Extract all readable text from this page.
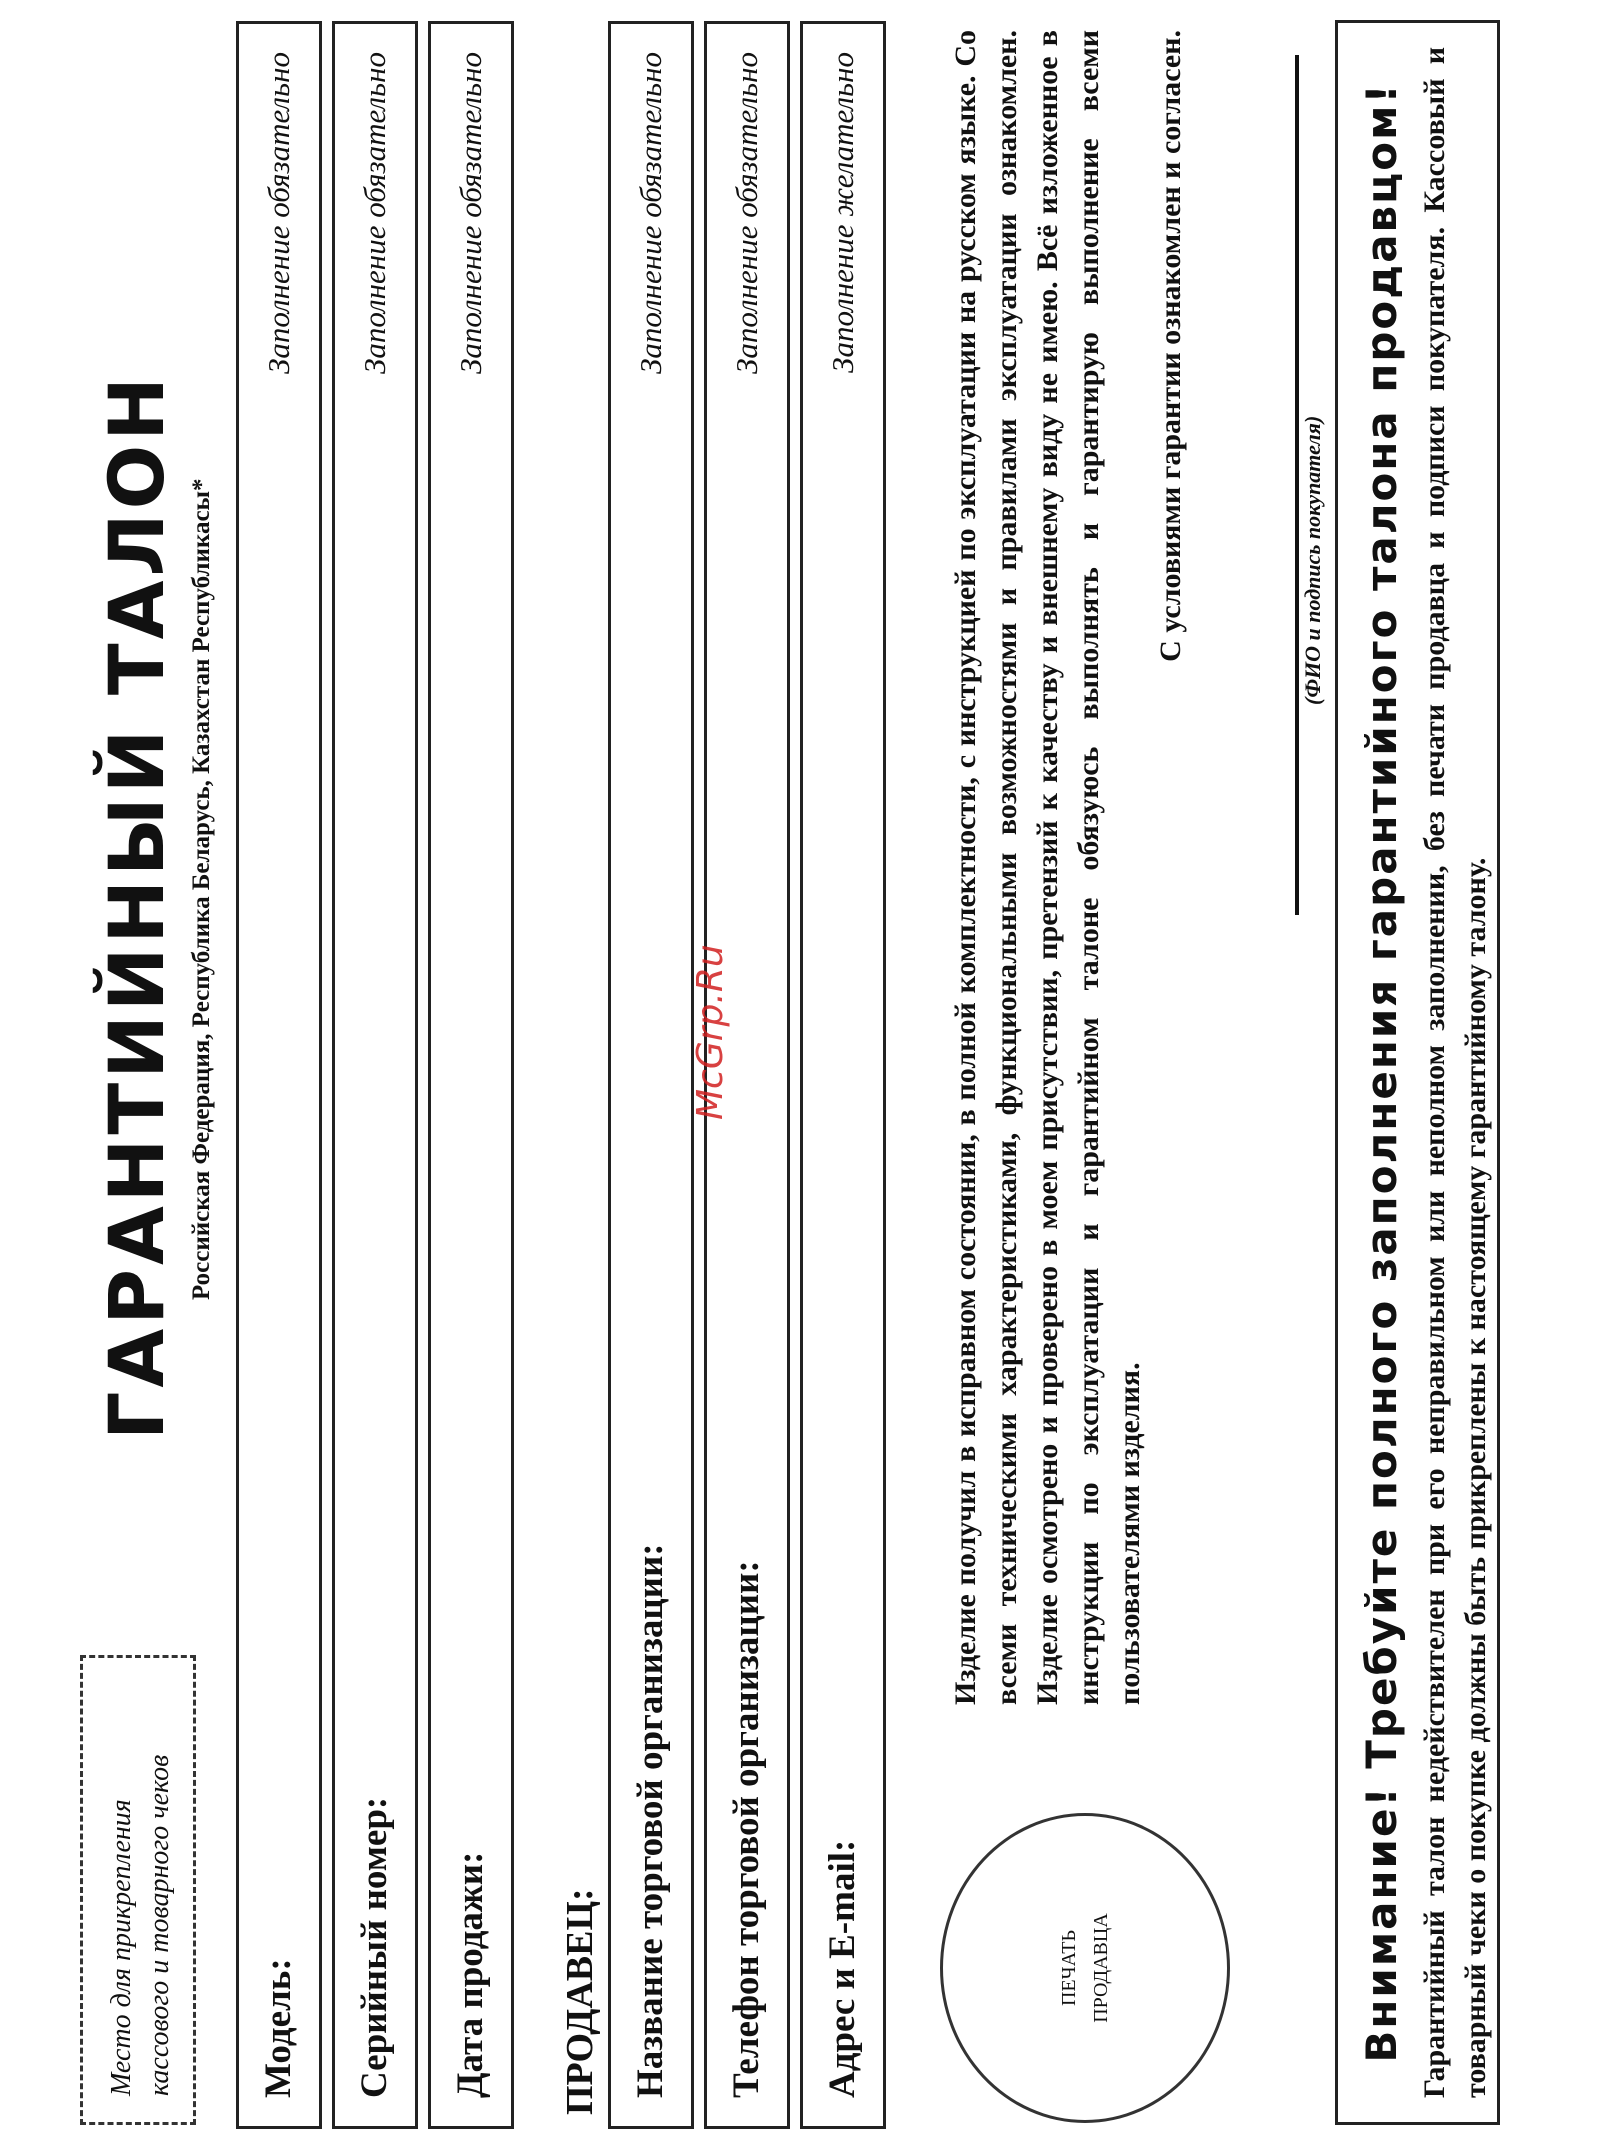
Место для прикрепления кассового и товарного чеков
ГАРАНТИЙНЫЙ ТАЛОН Российская Федерация, Республика Беларусь, Казахстан Республикасы*
Модель:
Заполнение обязательно
Серийный номер:
Заполнение обязательно
Дата продажи:
Заполнение обязательно
ПРОДАВЕЦ: Название торговой организации:
Заполнение обязательно
Телефон торговой организации:
Заполнение обязательно
Адрес и E-mail:
Заполнение желательно
McGrp.Ru
ПЕЧАТЬ ПРОДАВЦА

Изделие получил в исправном состоянии, в полной комплектности, с инструкцией по эксплуатации на русском языке. Со всеми техническими характеристиками, функциональными возможностями и правилами эксплуатации ознакомлен. Изделие осмотрено и проверено в моем присутствии, претензий к качеству и внешнему виду не имею. Всё изложенное в инструкции по эксплуатации и гарантийном талоне обязуюсь выполнять и гарантирую выполнение всеми пользователями изделия.

С условиями гарантии ознакомлен и согласен.	(ФИО и подпись покупателя) Внимание! Требуйте полного заполнения гарантийного талона продавцом! Гарантийный талон недействителен при его неправильном или неполном заполнении, без печати продавца и подписи покупателя. Кассовый и товарный чеки о покупке должны быть прикреплены к настоящему гарантийному талону.
